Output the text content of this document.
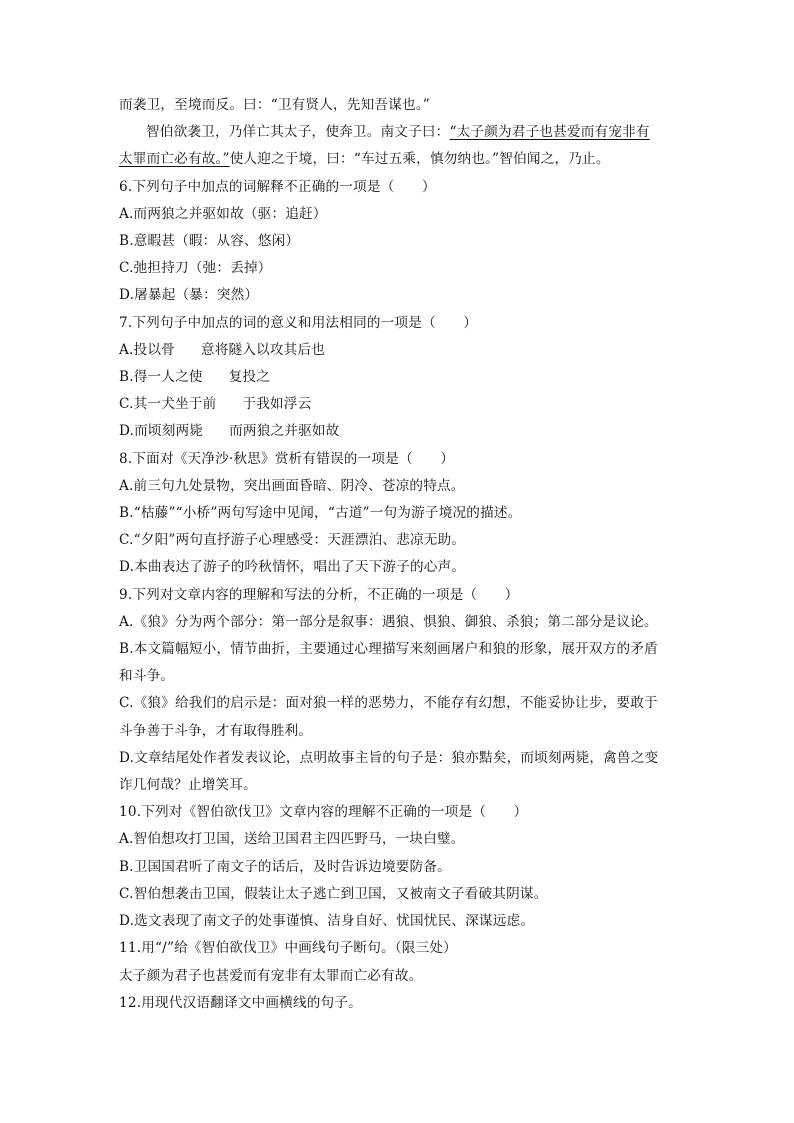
而袭卫，至境而反。曰：“卫有贤人，先知吾谋也。”
智伯欲袭卫，乃佯亡其太子，使奔卫。南文子曰：“太子颜为君子也甚爱而有宠非有
太罪而亡必有故。”使人迎之于境，曰：“车过五乘，慎勿纳也。”智伯闻之，乃止。
6.下列句子中加点的词解释不正确的一项是（　　）
A.而两狼之并驱如故（驱：追赶）
B.意暇甚（暇：从容、悠闲）
C.弛担持刀（弛：丢掉）
D.屠暴起（暴：突然）
7.下列句子中加点的词的意义和用法相同的一项是（　　）
A.投以骨 意将隧入以攻其后也
B.得一人之使 复投之
C.其一犬坐于前 于我如浮云
D.而顷刻两毙 而两狼之并驱如故
8.下面对《天净沙·秋思》赏析有错误的一项是（　　）
A.前三句九处景物，突出画面昏暗、阴冷、苍凉的特点。
B.“枯藤”“小桥”两句写途中见闻，“古道”一句为游子境况的描述。
C.“夕阳”两句直抒游子心理感受：天涯漂泊、悲凉无助。
D.本曲表达了游子的吟秋情怀，唱出了天下游子的心声。
9.下列对文章内容的理解和写法的分析，不正确的一项是（　　）
A.《狼》分为两个部分：第一部分是叙事：遇狼、惧狼、御狼、杀狼；第二部分是议论。
B.本文篇幅短小，情节曲折，主要通过心理描写来刻画屠户和狼的形象，展开双方的矛盾
和斗争。
C.《狼》给我们的启示是：面对狼一样的恶势力，不能存有幻想，不能妥协让步，要敢于
斗争善于斗争，才有取得胜利。
D.文章结尾处作者发表议论，点明故事主旨的句子是：狼亦黠矣，而顷刻两毙，禽兽之变
诈几何哉？止增笑耳。
10.下列对《智伯欲伐卫》文章内容的理解不正确的一项是（　　）
A.智伯想攻打卫国，送给卫国君主四匹野马，一块白璧。
B.卫国国君听了南文子的话后，及时告诉边境要防备。
C.智伯想袭击卫国，假装让太子逃亡到卫国，又被南文子看破其阴谋。
D.选文表现了南文子的处事谨慎、洁身自好、忧国忧民、深谋远虑。
11.用“/”给《智伯欲伐卫》中画线句子断句。（限三处）
太子颜为君子也甚爱而有宠非有太罪而亡必有故。
12.用现代汉语翻译文中画横线的句子。
